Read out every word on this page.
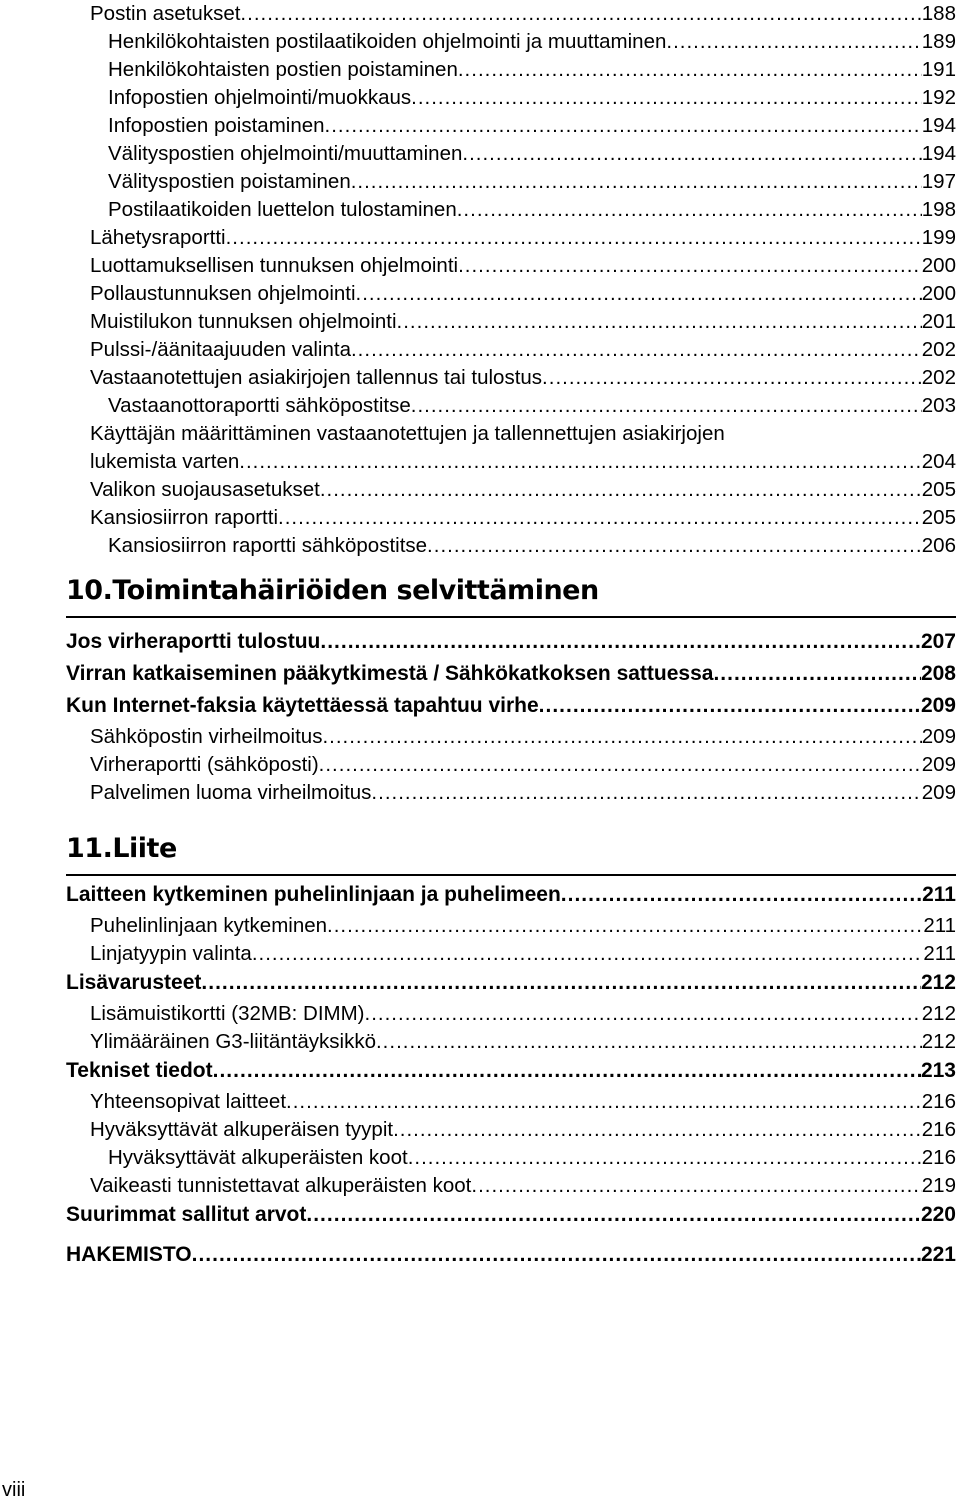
Postin asetukset .....	188
Henkilökohtaisten postilaatikoiden ohjelmointi ja muuttaminen .....	189
Henkilökohtaisten postien poistaminen .....	191
Infopostien ohjelmointi/muokkaus .....	192
Infopostien poistaminen .....	194
Välityspostien ohjelmointi/muuttaminen .....	194
Välityspostien poistaminen .....	197
Postilaatikoiden luettelon tulostaminen .....	198
Lähetysraportti .....	199
Luottamuksellisen tunnuksen ohjelmointi .....	200
Pollaustunnuksen ohjelmointi .....	200
Muistilukon tunnuksen ohjelmointi .....	201
Pulssi-/äänitaajuuden valinta .....	202
Vastaanotettujen asiakirjojen tallennus tai tulostus .....	202
Vastaanottoraportti sähköpostitse .....	203
Käyttäjän määrittäminen vastaanotettujen ja tallennettujen asiakirjojen
lukemista varten .....	204
Valikon suojausasetukset .....	205
Kansiosiirron raportti .....	205
Kansiosiirron raportti sähköpostitse .....	206
10.Toimintahäiriöiden selvittäminen
Jos virheraportti tulostuu .....	207
Virran katkaiseminen pääkytkimestä / Sähkökatkoksen sattuessa .....	208
Kun Internet-faksia käytettäessä tapahtuu virhe .....	209
Sähköpostin virheilmoitus .....	209
Virheraportti (sähköposti) .....	209
Palvelimen luoma virheilmoitus .....	209
11.Liite
Laitteen kytkeminen puhelinlinjaan ja puhelimeen .....	211
Puhelinlinjaan kytkeminen .....	211
Linjatyypin valinta .....	211
Lisävarusteet .....	212
Lisämuistikortti (32MB: DIMM) .....	212
Ylimääräinen G3-liitäntäyksikkö .....	212
Tekniset tiedot .....	213
Yhteensopivat laitteet .....	216
Hyväksyttävät alkuperäisen tyypit .....	216
Hyväksyttävät alkuperäisten koot .....	216
Vaikeasti tunnistettavat alkuperäisten koot .....	219
Suurimmat sallitut arvot .....	220
HAKEMISTO .....	221
viii
